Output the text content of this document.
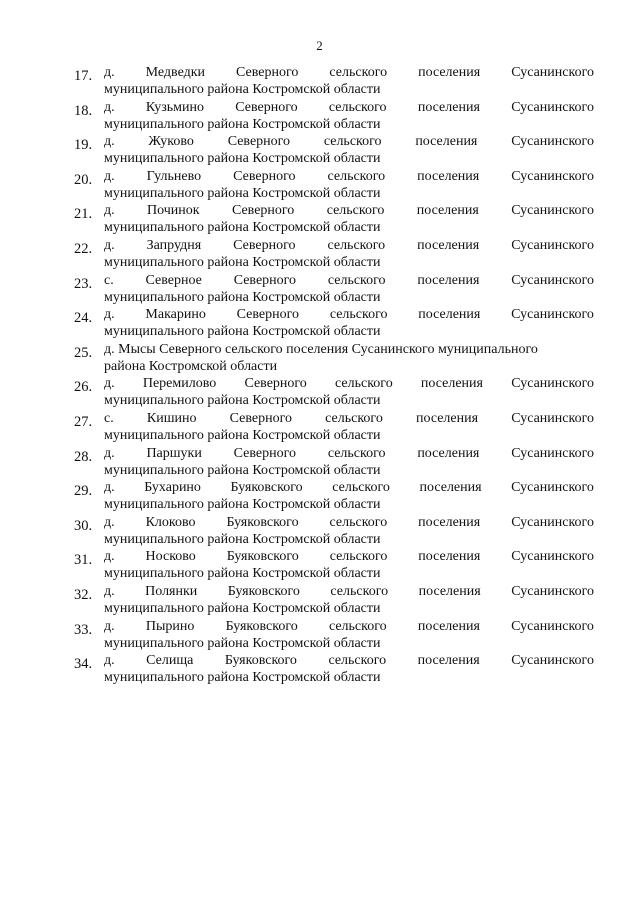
2
17. д. Медведки Северного сельского поселения Сусанинского
муниципального района Костромской области
18. д. Кузьмино Северного сельского поселения Сусанинского
муниципального района Костромской области
19. д. Жуково Северного сельского поселения Сусанинского
муниципального района Костромской области
20. д. Гульнево Северного сельского поселения Сусанинского
муниципального района Костромской области
21. д. Починок Северного сельского поселения Сусанинского
муниципального района Костромской области
22. д. Запрудня Северного сельского поселения Сусанинского
муниципального района Костромской области
23. с. Северное Северного сельского поселения Сусанинского
муниципального района Костромской области
24. д. Макарино Северного сельского поселения Сусанинского
муниципального района Костромской области
25. д. Мысы Северного сельского поселения Сусанинского муниципального
района Костромской области
26. д. Перемилово Северного сельского поселения Сусанинского
муниципального района Костромской области
27. с. Кишино Северного сельского поселения Сусанинского
муниципального района Костромской области
28. д. Паршуки Северного сельского поселения Сусанинского
муниципального района Костромской области
29. д. Бухарино Буяковского сельского поселения Сусанинского
муниципального района Костромской области
30. д. Клоково Буяковского сельского поселения Сусанинского
муниципального района Костромской области
31. д. Носково Буяковского сельского поселения Сусанинского
муниципального района Костромской области
32. д. Полянки Буяковского сельского поселения Сусанинского
муниципального района Костромской области
33. д. Пырино Буяковского сельского поселения Сусанинского
муниципального района Костромской области
34. д. Селища Буяковского сельского поселения Сусанинского
муниципального района Костромской области
